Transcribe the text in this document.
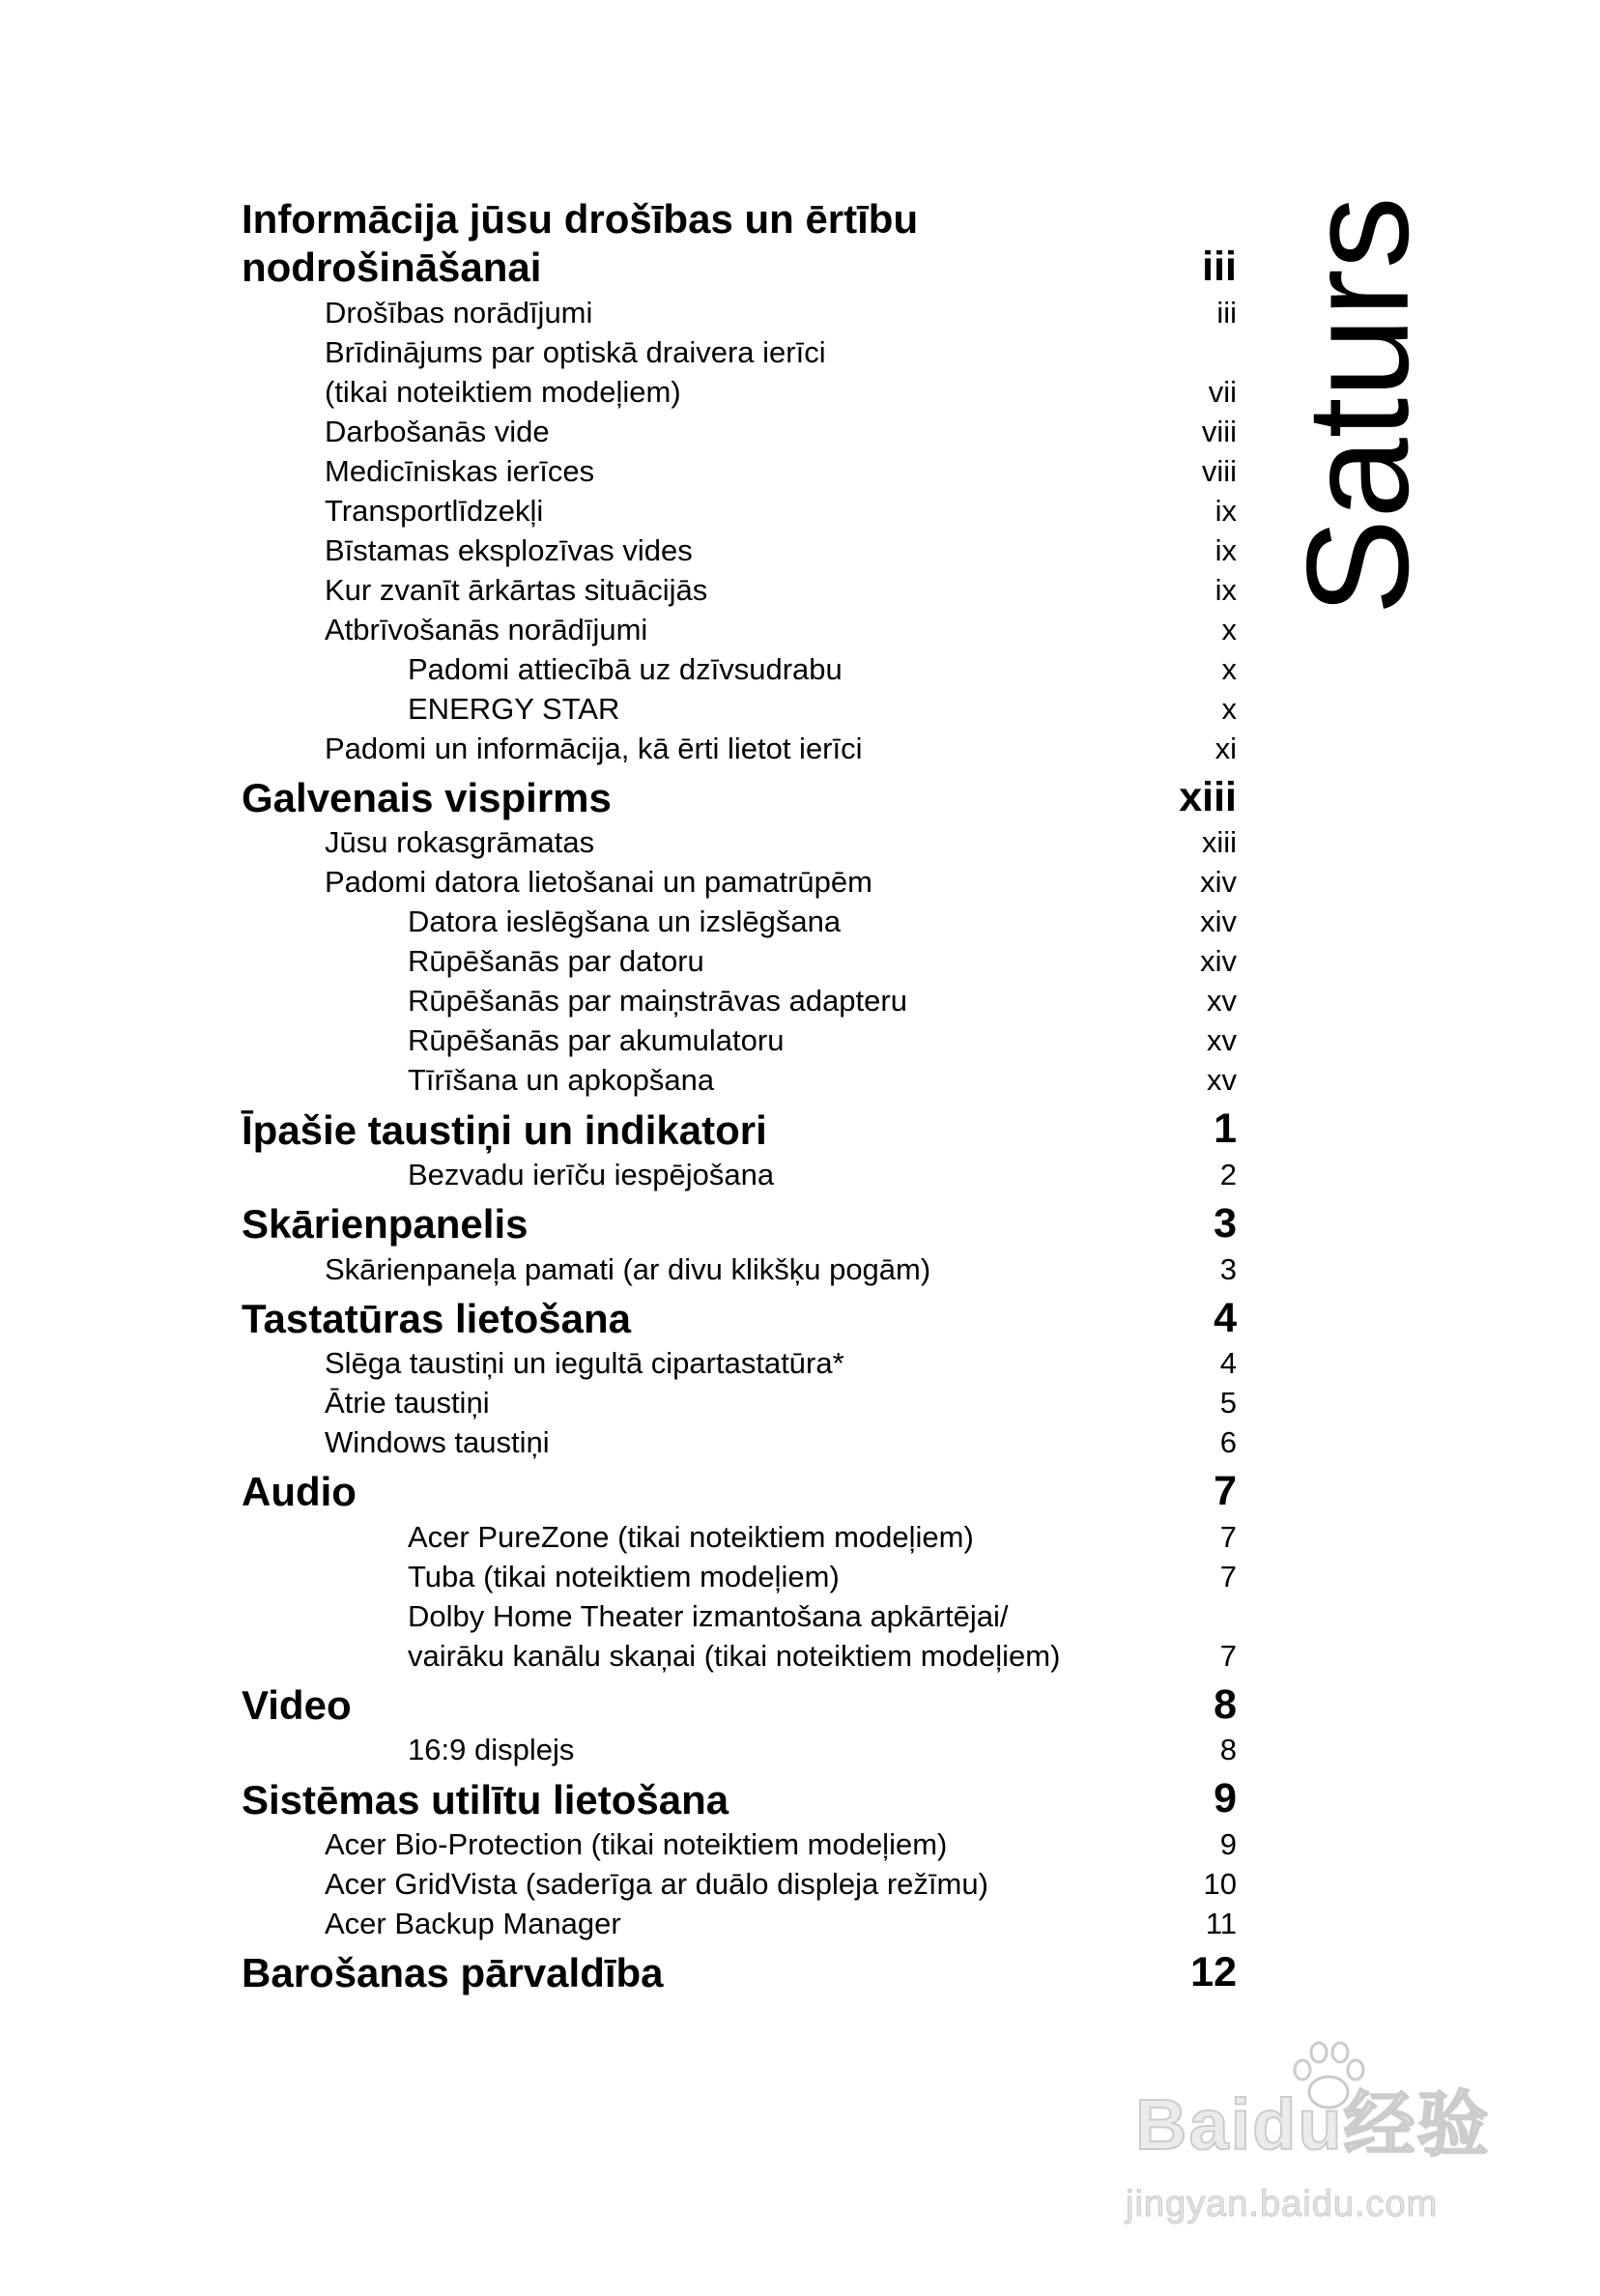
Informācija jūsu drošības un ērtību
nodrošināšanai	iii
Drošības norādījumi	iii
Brīdinājums par optiskā draivera ierīci
(tikai noteiktiem modeļiem)	vii
Darbošanās vide	viii
Medicīniskas ierīces	viii
Transportlīdzekļi	ix
Bīstamas eksplozīvas vides	ix
Kur zvanīt ārkārtas situācijās	ix
Atbrīvošanās norādījumi	x
Padomi attiecībā uz dzīvsudrabu	x
ENERGY STAR	x
Padomi un informācija, kā ērti lietot ierīci	xi
Galvenais vispirms	xiii
Jūsu rokasgrāmatas	xiii
Padomi datora lietošanai un pamatrūpēm	xiv
Datora ieslēgšana un izslēgšana	xiv
Rūpēšanās par datoru	xiv
Rūpēšanās par maiņstrāvas adapteru	xv
Rūpēšanās par akumulatoru	xv
Tīrīšana un apkopšana	xv
Īpašie taustiņi un indikatori	1
Bezvadu ierīču iespējošana	2
Skārienpanelis	3
Skārienpaneļa pamati (ar divu klikšķu pogām)	3
Tastatūras lietošana	4
Slēga taustiņi un iegultā cipartastatūra*	4
Ātrie taustiņi	5
Windows taustiņi	6
Audio	7
Acer PureZone (tikai noteiktiem modeļiem)	7
Tuba (tikai noteiktiem modeļiem)	7
Dolby Home Theater izmantošana apkārtējai/
vairāku kanālu skaņai (tikai noteiktiem modeļiem)	7
Video	8
16:9 displejs	8
Sistēmas utilītu lietošana	9
Acer Bio-Protection (tikai noteiktiem modeļiem)	9
Acer GridVista (saderīga ar duālo displeja režīmu)	10
Acer Backup Manager	11
Barošanas pārvaldība	12
Saturs
Baidu经验
jingyan.baidu.com
